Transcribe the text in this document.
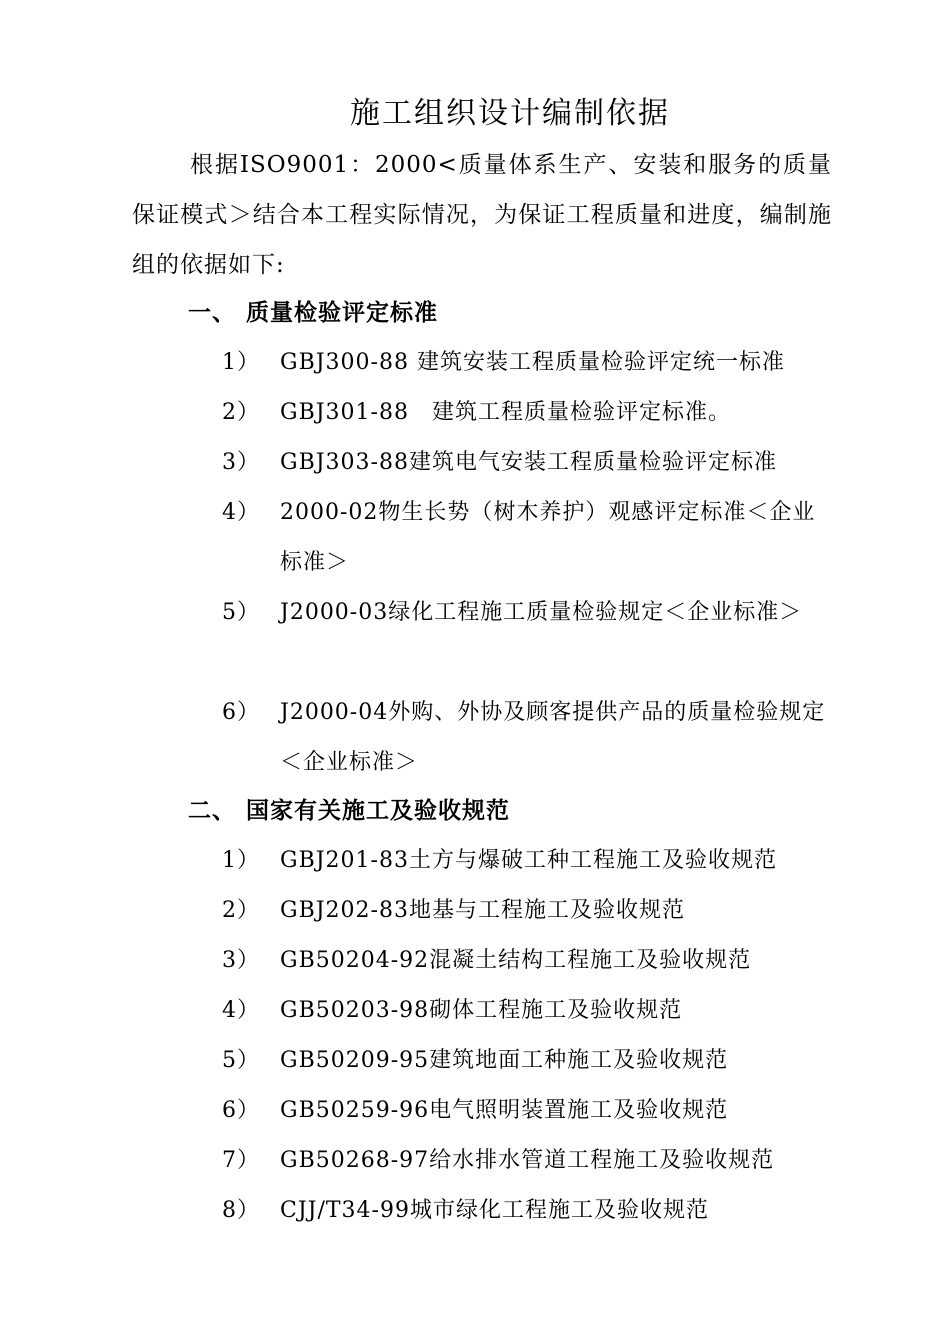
施工组织设计编制依据
根据ISO9001：2000<质量体系生产、安装和服务的质量保证模式＞结合本工程实际情况，为保证工程质量和进度，编制施组的依据如下:
一、 质量检验评定标准
1） GBJ300-88 建筑安装工程质量检验评定统一标准
2） GBJ301-88　建筑工程质量检验评定标准。
3） GBJ303-88建筑电气安装工程质量检验评定标准
4） 2000-02物生长势（树木养护）观感评定标准＜企业标准＞
5） J2000-03绿化工程施工质量检验规定＜企业标准＞
6） J2000-04外购、外协及顾客提供产品的质量检验规定＜企业标准＞
二、 国家有关施工及验收规范
1） GBJ201-83土方与爆破工种工程施工及验收规范
2） GBJ202-83地基与工程施工及验收规范
3） GB50204-92混凝土结构工程施工及验收规范
4） GB50203-98砌体工程施工及验收规范
5） GB50209-95建筑地面工种施工及验收规范
6） GB50259-96电气照明装置施工及验收规范
7） GB50268-97给水排水管道工程施工及验收规范
8） CJJ/T34-99城市绿化工程施工及验收规范
